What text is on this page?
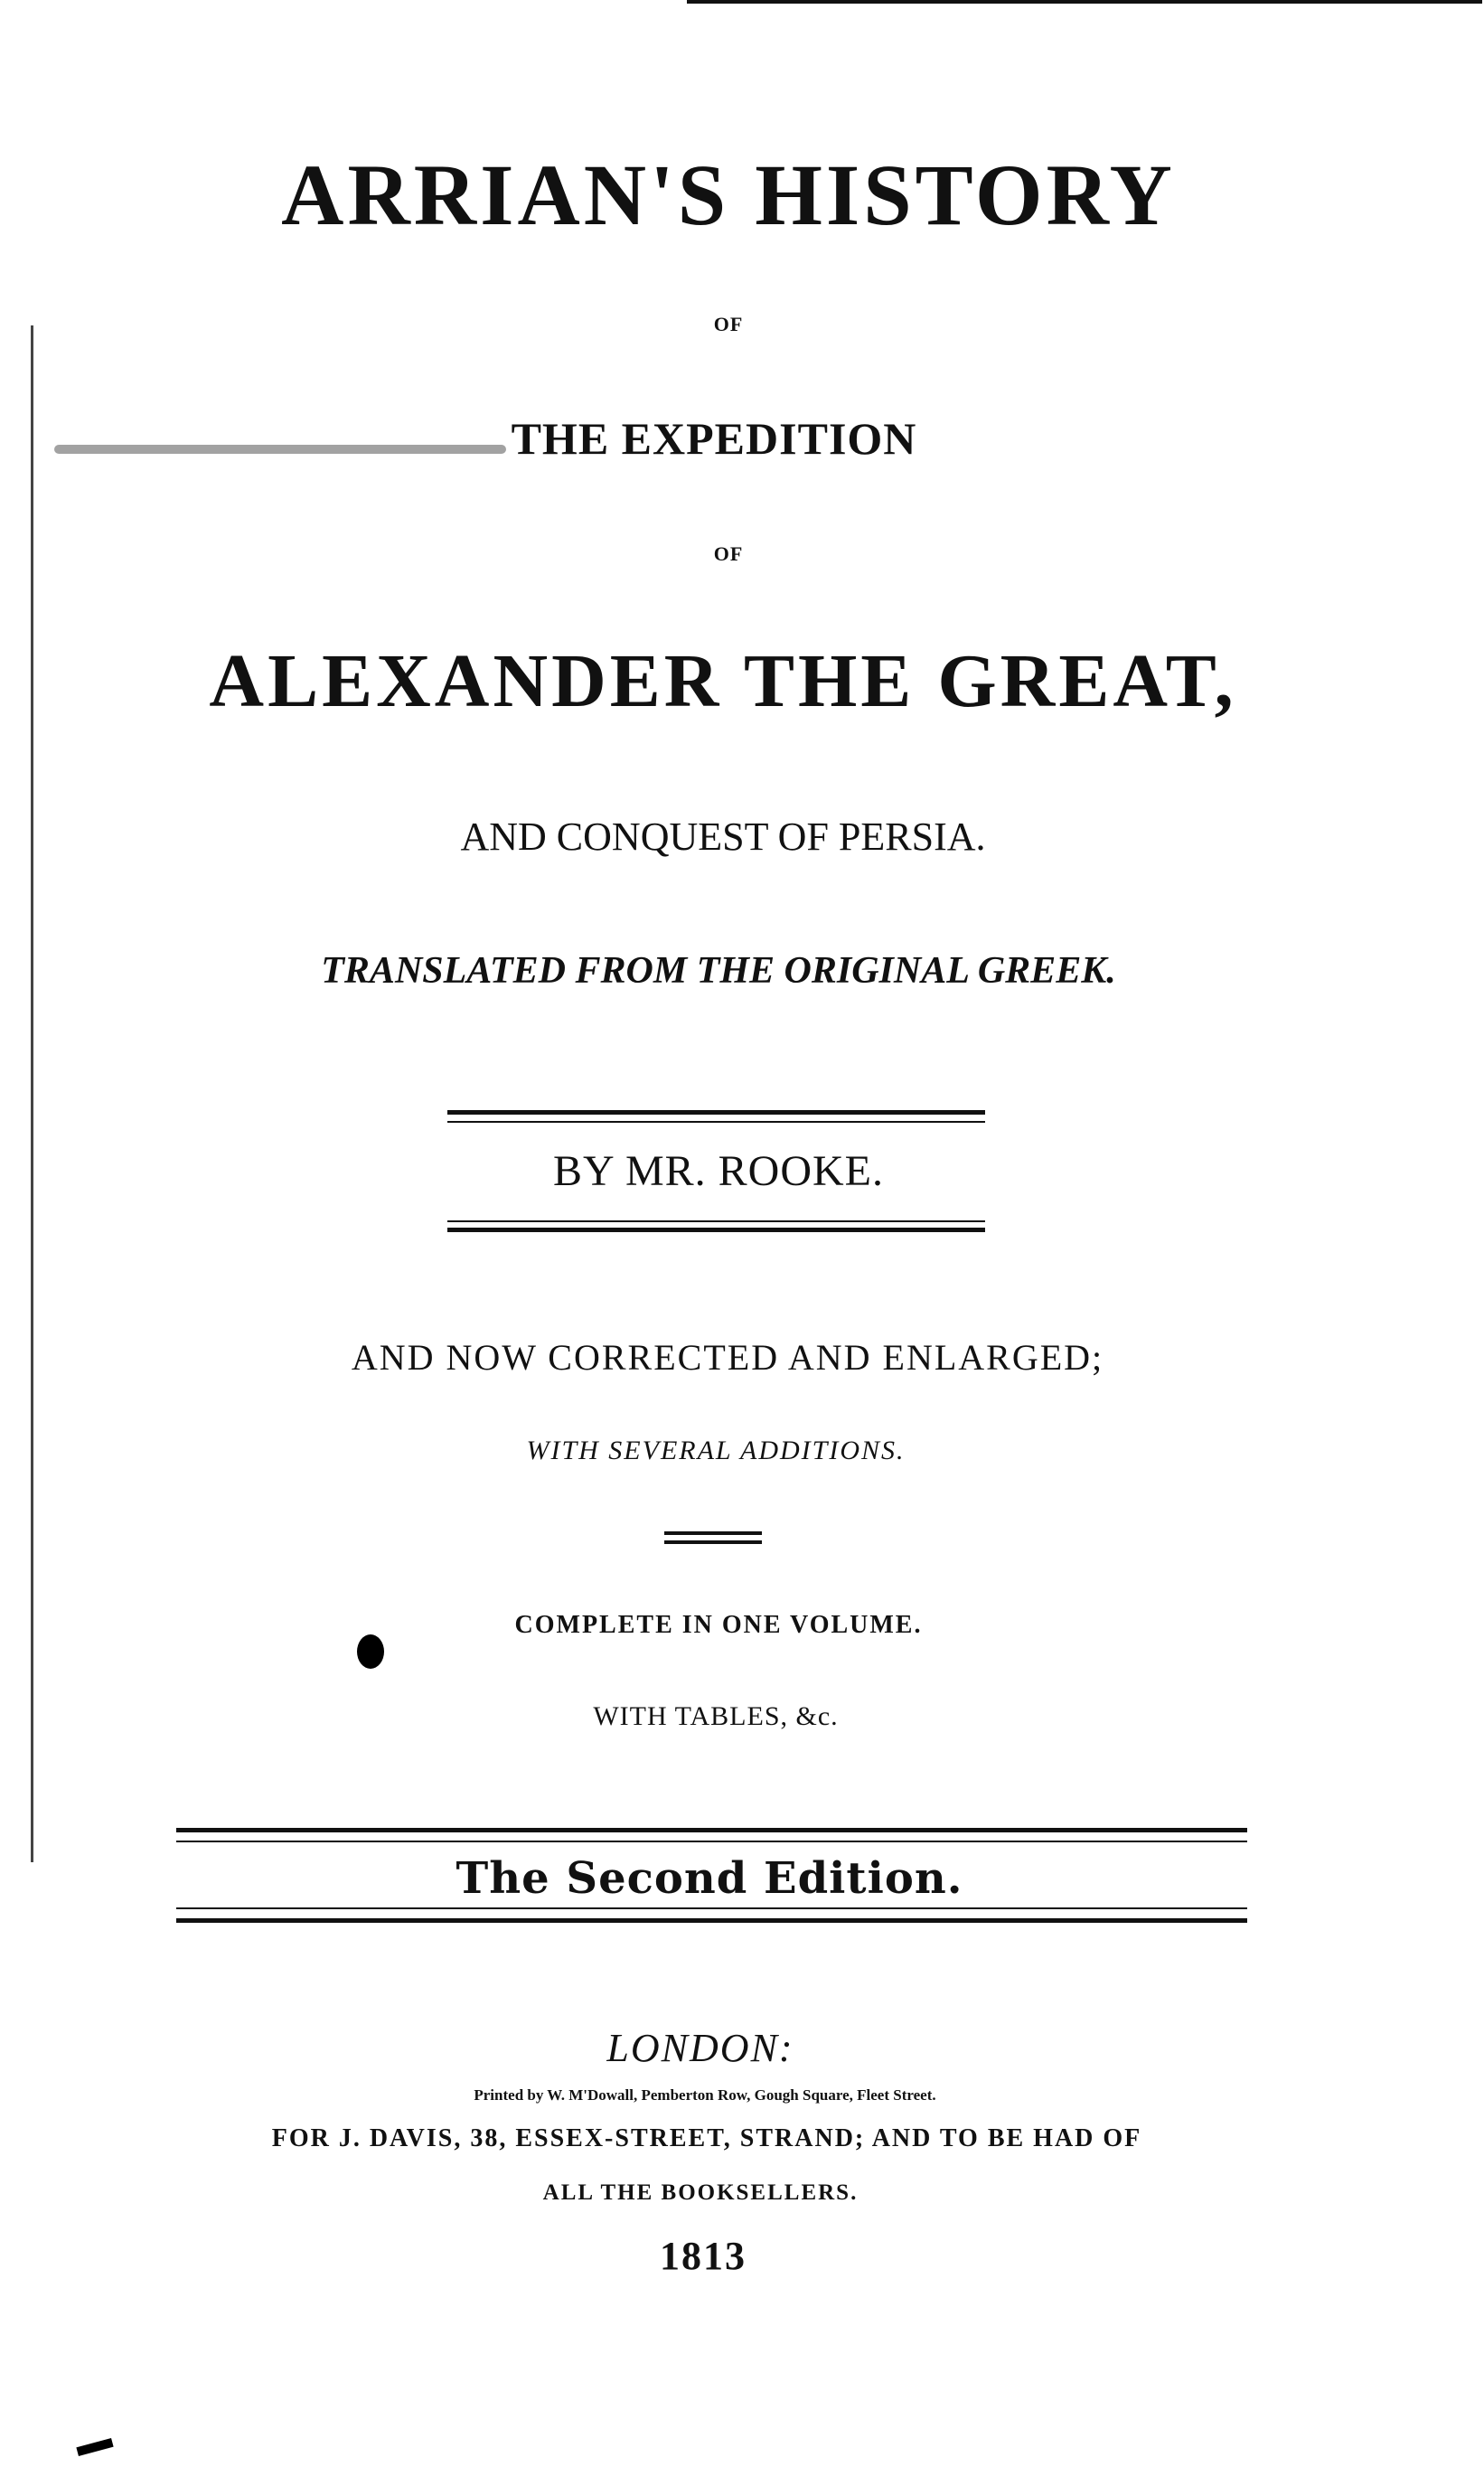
ARRIAN'S HISTORY
OF
THE EXPEDITION
OF
ALEXANDER THE GREAT,
AND CONQUEST OF PERSIA.
TRANSLATED FROM THE ORIGINAL GREEK.
BY MR. ROOKE.
AND NOW CORRECTED AND ENLARGED;
WITH SEVERAL ADDITIONS.
COMPLETE IN ONE VOLUME.
WITH TABLES, &c.
The Second Edition.
LONDON:
Printed by W. M'Dowall, Pemberton Row, Gough Square, Fleet Street.
FOR J. DAVIS, 38, ESSEX-STREET, STRAND; AND TO BE HAD OF
ALL THE BOOKSELLERS.
1813
